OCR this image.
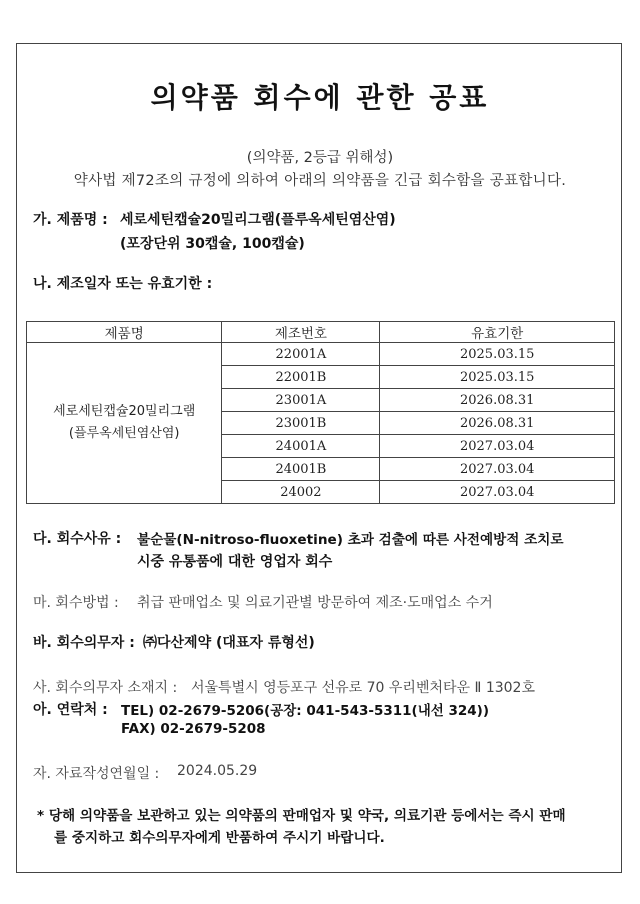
의약품 회수에 관한 공표
(의약품, 2등급 위해성)
약사법 제72조의 규정에 의하여 아래의 의약품을 긴급 회수함을 공표합니다.
가. 제품명 : 세로세틴캡슐20밀리그램(플루옥세틴염산염)
(포장단위 30캡슐, 100캡슐)
나. 제조일자 또는 유효기한 :
제품명	제조번호	유효기한

세로세틴캡슐20밀리그램
(플루옥세틴염산염)	22001A	2025.03.15
	22001B	2025.03.15
	23001A	2026.08.31
	23001B	2026.08.31
	24001A	2027.03.04
	24001B	2027.03.04
	24002	2027.03.04
다. 회수사유 : 불순물(N-nitroso-fluoxetine) 초과 검출에 따른 사전예방적 조치로
시중 유통품에 대한 영업자 회수
마. 회수방법 : 취급 판매업소 및 의료기관별 방문하여 제조·도매업소 수거
바. 회수의무자 : ㈜다산제약 (대표자 류형선)
사. 회수의무자 소재지 : 서울특별시 영등포구 선유로 70 우리벤처타운 Ⅱ 1302호
아. 연락처 : TEL) 02-2679-5206(공장: 041-543-5311(내선 324))
FAX) 02-2679-5208
자. 자료작성연월일 : 2024.05.29
* 당해 의약품을 보관하고 있는 의약품의 판매업자 및 약국, 의료기관 등에서는 즉시 판매
를 중지하고 회수의무자에게 반품하여 주시기 바랍니다.
